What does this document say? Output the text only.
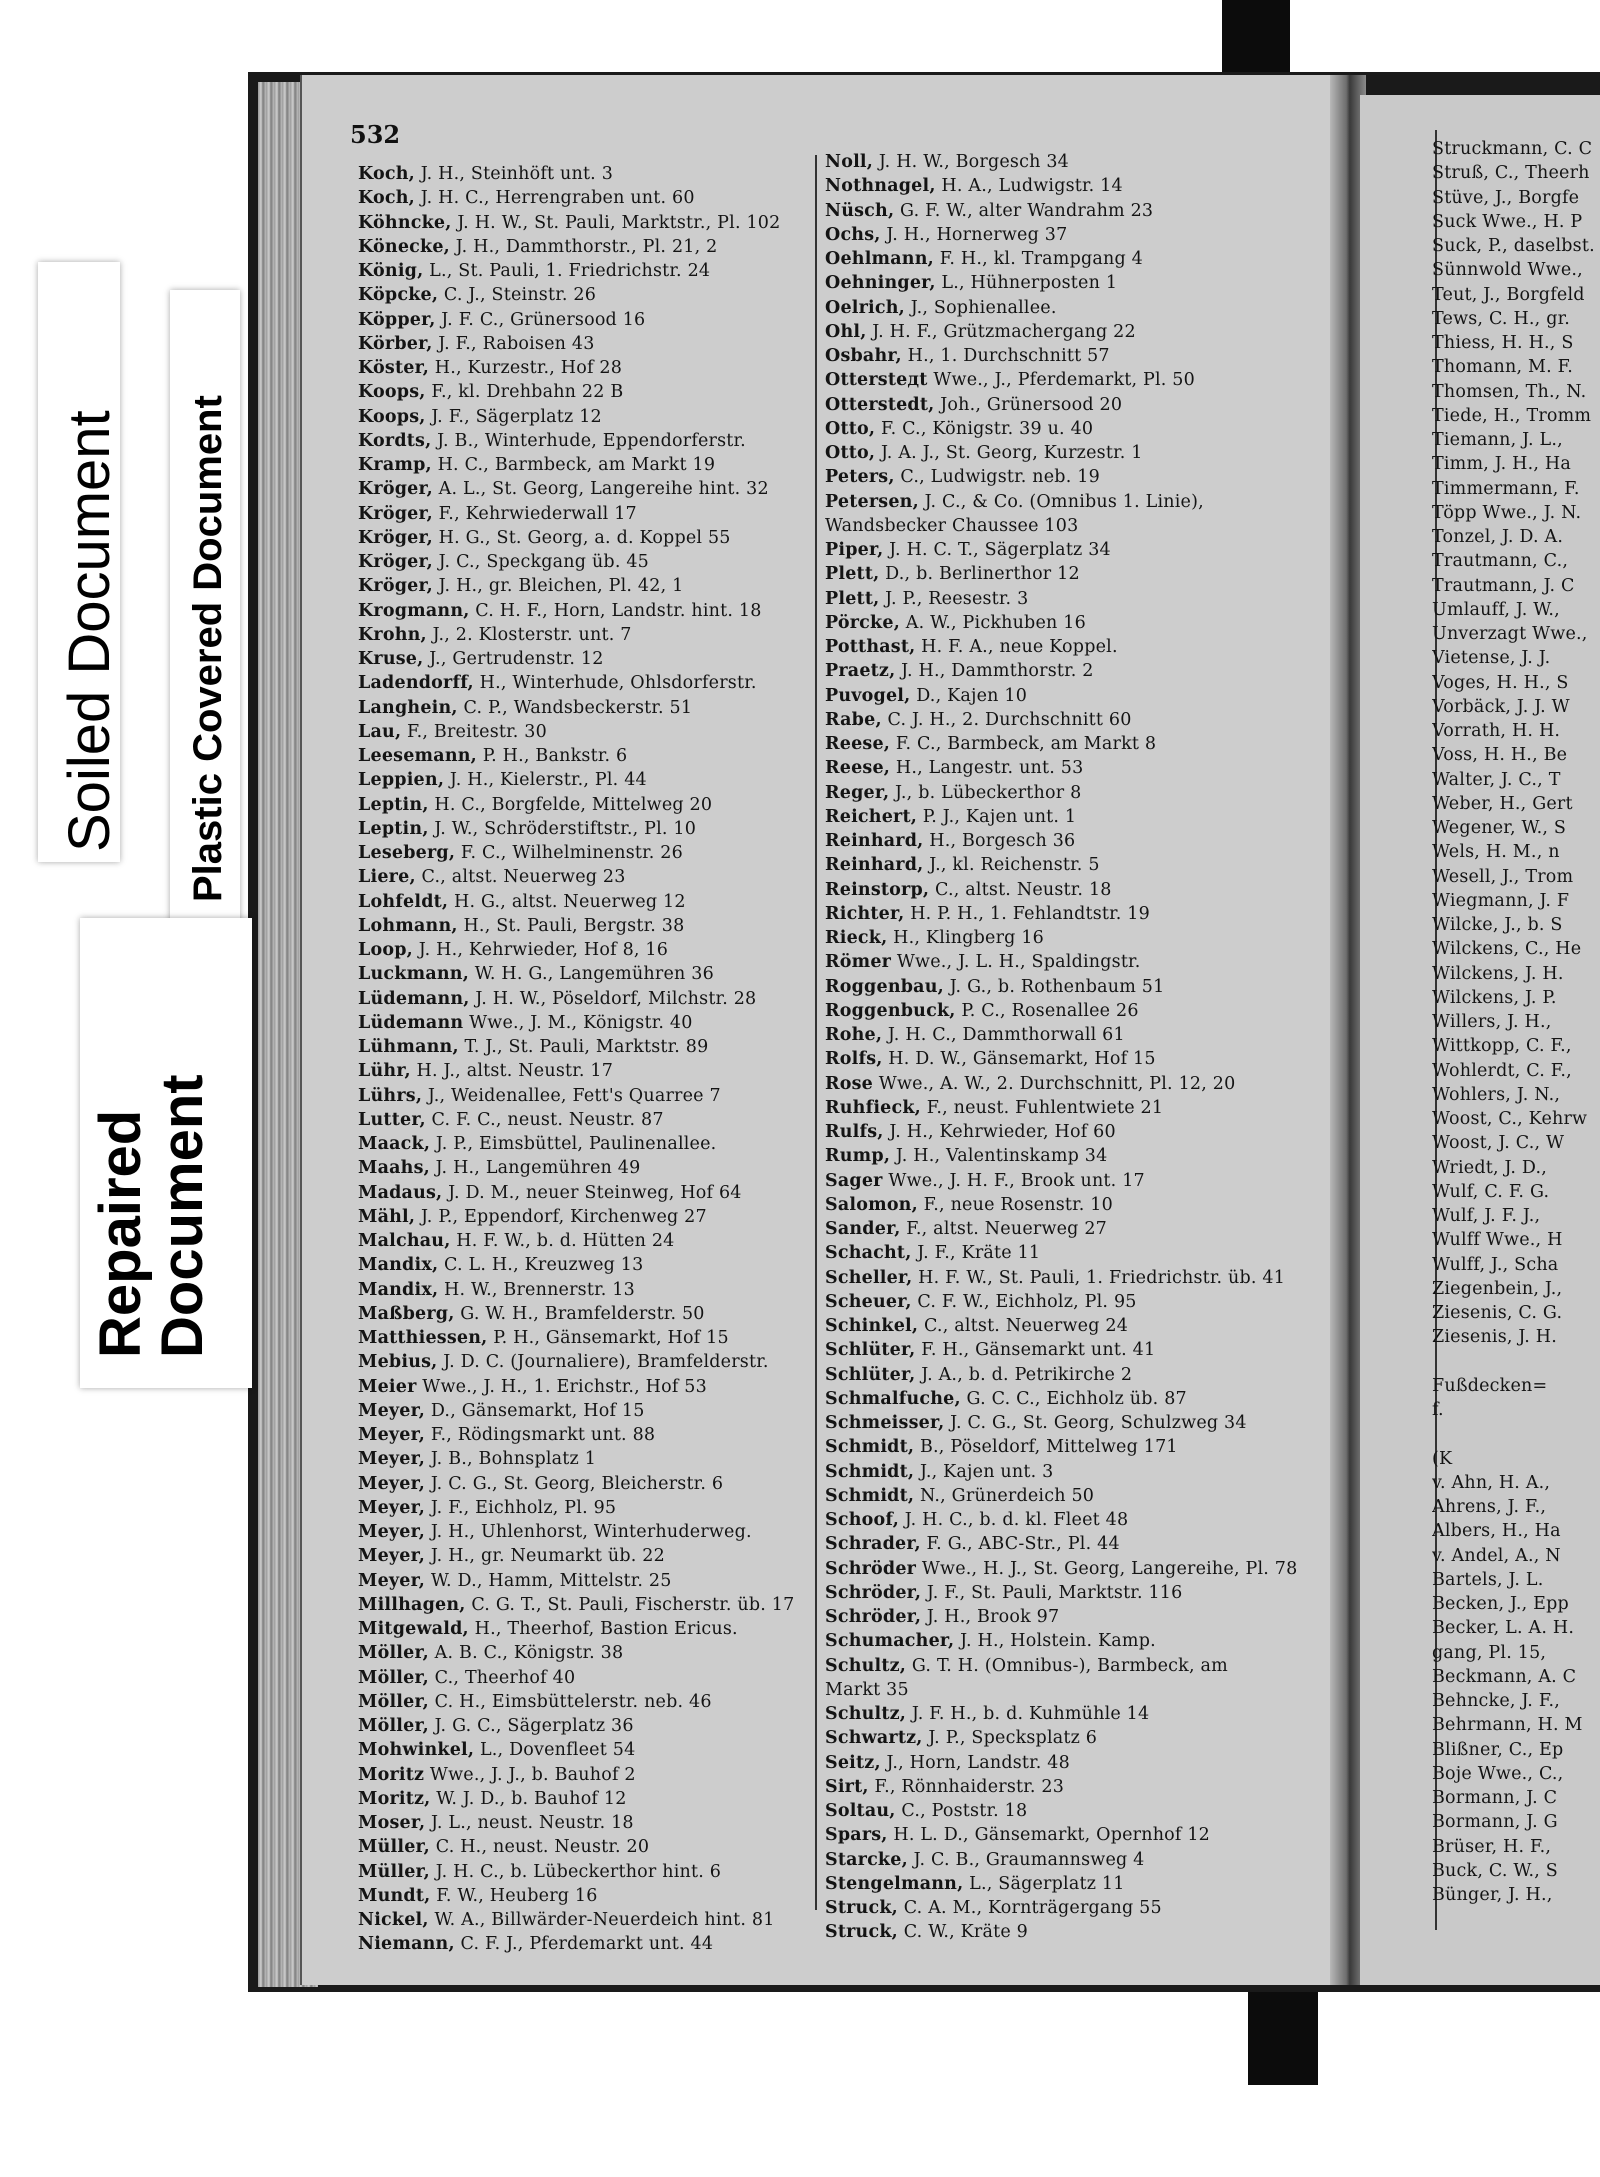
Soiled Document Plastic Covered Document
Repaired Document
532
Koch, J. H., Steinhöft unt. 3
Koch, J. H. C., Herrengraben unt. 60
Köhncke, J. H. W., St. Pauli, Marktstr., Pl. 102
Könecke, J. H., Dammthorstr., Pl. 21, 2
König, L., St. Pauli, 1. Friedrichstr. 24
Köpcke, C. J., Steinstr. 26
Köpper, J. F. C., Grünersood 16
Körber, J. F., Raboisen 43
Köster, H., Kurzestr., Hof 28
Koops, F., kl. Drehbahn 22 B
Koops, J. F., Sägerplatz 12
Kordts, J. B., Winterhude, Eppendorferstr.
Kramp, H. C., Barmbeck, am Markt 19
Kröger, A. L., St. Georg, Langereihe hint. 32
Kröger, F., Kehrwiederwall 17
Kröger, H. G., St. Georg, a. d. Koppel 55
Kröger, J. C., Speckgang üb. 45
Kröger, J. H., gr. Bleichen, Pl. 42, 1
Krogmann, C. H. F., Horn, Landstr. hint. 18
Krohn, J., 2. Klosterstr. unt. 7
Kruse, J., Gertrudenstr. 12
Ladendorff, H., Winterhude, Ohlsdorferstr.
Langhein, C. P., Wandsbeckerstr. 51
Lau, F., Breitestr. 30
Leesemann, P. H., Bankstr. 6
Leppien, J. H., Kielerstr., Pl. 44
Leptin, H. C., Borgfelde, Mittelweg 20
Leptin, J. W., Schröderstiftstr., Pl. 10
Leseberg, F. C., Wilhelminenstr. 26
Liere, C., altst. Neuerweg 23
Lohfeldt, H. G., altst. Neuerweg 12
Lohmann, H., St. Pauli, Bergstr. 38
Loop, J. H., Kehrwieder, Hof 8, 16
Luckmann, W. H. G., Langemühren 36
Lüdemann, J. H. W., Pöseldorf, Milchstr. 28
Lüdemann Wwe., J. M., Königstr. 40
Lühmann, T. J., St. Pauli, Marktstr. 89
Lühr, H. J., altst. Neustr. 17
Lührs, J., Weidenallee, Fett's Quarree 7
Lutter, C. F. C., neust. Neustr. 87
Maack, J. P., Eimsbüttel, Paulinenallee.
Maahs, J. H., Langemühren 49
Madaus, J. D. M., neuer Steinweg, Hof 64
Mähl, J. P., Eppendorf, Kirchenweg 27
Malchau, H. F. W., b. d. Hütten 24
Mandix, C. L. H., Kreuzweg 13
Mandix, H. W., Brennerstr. 13
Maßberg, G. W. H., Bramfelderstr. 50
Matthiessen, P. H., Gänsemarkt, Hof 15
Mebius, J. D. C. (Journaliere), Bramfelderstr.
Meier Wwe., J. H., 1. Erichstr., Hof 53
Meyer, D., Gänsemarkt, Hof 15
Meyer, F., Rödingsmarkt unt. 88
Meyer, J. B., Bohnsplatz 1
Meyer, J. C. G., St. Georg, Bleicherstr. 6
Meyer, J. F., Eichholz, Pl. 95
Meyer, J. H., Uhlenhorst, Winterhuderweg.
Meyer, J. H., gr. Neumarkt üb. 22
Meyer, W. D., Hamm, Mittelstr. 25
Millhagen, C. G. T., St. Pauli, Fischerstr. üb. 17
Mitgewald, H., Theerhof, Bastion Ericus.
Möller, A. B. C., Königstr. 38
Möller, C., Theerhof 40
Möller, C. H., Eimsbüttelerstr. neb. 46
Möller, J. G. C., Sägerplatz 36
Mohwinkel, L., Dovenfleet 54
Moritz Wwe., J. J., b. Bauhof 2
Moritz, W. J. D., b. Bauhof 12
Moser, J. L., neust. Neustr. 18
Müller, C. H., neust. Neustr. 20
Müller, J. H. C., b. Lübeckerthor hint. 6
Mundt, F. W., Heuberg 16
Nickel, W. A., Billwärder-Neuerdeich hint. 81
Niemann, C. F. J., Pferdemarkt unt. 44
Noll, J. H. W., Borgesch 34
Nothnagel, H. A., Ludwigstr. 14
Nüsch, G. F. W., alter Wandrahm 23
Ochs, J. H., Hornerweg 37
Oehlmann, F. H., kl. Trampgang 4
Oehninger, L., Hühnerposten 1
Oelrich, J., Sophienallee.
Ohl, J. H. F., Grützmachergang 22
Osbahr, H., 1. Durchschnitt 57
Ottersteдt Wwe., J., Pferdemarkt, Pl. 50
Otterstedt, Joh., Grünersood 20
Otto, F. C., Königstr. 39 u. 40
Otto, J. A. J., St. Georg, Kurzestr. 1
Peters, C., Ludwigstr. neb. 19
Petersen, J. C., & Co. (Omnibus 1. Linie),
Wandsbecker Chaussee 103
Piper, J. H. C. T., Sägerplatz 34
Plett, D., b. Berlinerthor 12
Plett, J. P., Reesestr. 3
Pörcke, A. W., Pickhuben 16
Potthast, H. F. A., neue Koppel.
Praetz, J. H., Dammthorstr. 2
Puvogel, D., Kajen 10
Rabe, C. J. H., 2. Durchschnitt 60
Reese, F. C., Barmbeck, am Markt 8
Reese, H., Langestr. unt. 53
Reger, J., b. Lübeckerthor 8
Reichert, P. J., Kajen unt. 1
Reinhard, H., Borgesch 36
Reinhard, J., kl. Reichenstr. 5
Reinstorp, C., altst. Neustr. 18
Richter, H. P. H., 1. Fehlandtstr. 19
Rieck, H., Klingberg 16
Römer Wwe., J. L. H., Spaldingstr.
Roggenbau, J. G., b. Rothenbaum 51
Roggenbuck, P. C., Rosenallee 26
Rohe, J. H. C., Dammthorwall 61
Rolfs, H. D. W., Gänsemarkt, Hof 15
Rose Wwe., A. W., 2. Durchschnitt, Pl. 12, 20
Ruhfieck, F., neust. Fuhlentwiete 21
Rulfs, J. H., Kehrwieder, Hof 60
Rump, J. H., Valentinskamp 34
Sager Wwe., J. H. F., Brook unt. 17
Salomon, F., neue Rosenstr. 10
Sander, F., altst. Neuerweg 27
Schacht, J. F., Kräte 11
Scheller, H. F. W., St. Pauli, 1. Friedrichstr. üb. 41
Scheuer, C. F. W., Eichholz, Pl. 95
Schinkel, C., altst. Neuerweg 24
Schlüter, F. H., Gänsemarkt unt. 41
Schlüter, J. A., b. d. Petrikirche 2
Schmalfuche, G. C. C., Eichholz üb. 87
Schmeisser, J. C. G., St. Georg, Schulzweg 34
Schmidt, B., Pöseldorf, Mittelweg 171
Schmidt, J., Kajen unt. 3
Schmidt, N., Grünerdeich 50
Schoof, J. H. C., b. d. kl. Fleet 48
Schrader, F. G., ABC-Str., Pl. 44
Schröder Wwe., H. J., St. Georg, Langereihe, Pl. 78
Schröder, J. F., St. Pauli, Marktstr. 116
Schröder, J. H., Brook 97
Schumacher, J. H., Holstein. Kamp.
Schultz, G. T. H. (Omnibus-), Barmbeck, am
Markt 35
Schultz, J. F. H., b. d. Kuhmühle 14
Schwartz, J. P., Specksplatz 6
Seitz, J., Horn, Landstr. 48
Sirt, F., Rönnhaiderstr. 23
Soltau, C., Poststr. 18
Spars, H. L. D., Gänsemarkt, Opernhof 12
Starcke, J. C. B., Graumannsweg 4
Stengelmann, L., Sägerplatz 11
Struck, C. A. M., Kornträgergang 55
Struck, C. W., Kräte 9
Struckmann, C. C
Struß, C., Theerh
Stüve, J., Borgfe
Suck Wwe., H. P
Suck, P., daselbst.
Sünnwold Wwe.,
Teut, J., Borgfeld
Tews, C. H., gr.
Thiess, H. H., S
Thomann, M. F.
Thomsen, Th., N.
Tiede, H., Tromm
Tiemann, J. L.,
Timm, J. H., Ha
Timmermann, F.
Töpp Wwe., J. N.
Tonzel, J. D. A.
Trautmann, C.,
Trautmann, J. C
Umlauff, J. W.,
Unverzagt Wwe.,
Vietense, J. J.
Voges, H. H., S
Vorbäck, J. J. W
Vorrath, H. H.
Voss, H. H., Be
Walter, J. C., T
Weber, H., Gert
Wegener, W., S
Wels, H. M., n
Wesell, J., Trom
Wiegmann, J. F
Wilcke, J., b. S
Wilckens, C., He
Wilckens, J. H.
Wilckens, J. P.
Willers, J. H.,
Wittkopp, C. F.,
Wohlerdt, C. F.,
Wohlers, J. N.,
Woost, C., Kehrw
Woost, J. C., W
Wriedt, J. D.,
Wulf, C. F. G.
Wulf, J. F. J.,
Wulff Wwe., H
Wulff, J., Scha
Ziegenbein, J.,
Ziesenis, C. G.
Ziesenis, J. H.
Fußdecken=
f.
(K
v. Ahn, H. A.,
Ahrens, J. F.,
Albers, H., Ha
v. Andel, A., N
Bartels, J. L.
Becken, J., Epp
Becker, L. A. H.
gang, Pl. 15,
Beckmann, A. C
Behncke, J. F.,
Behrmann, H. M
Blißner, C., Ep
Boje Wwe., C.,
Bormann, J. C
Bormann, J. G
Brüser, H. F.,
Buck, C. W., S
Bünger, J. H.,
